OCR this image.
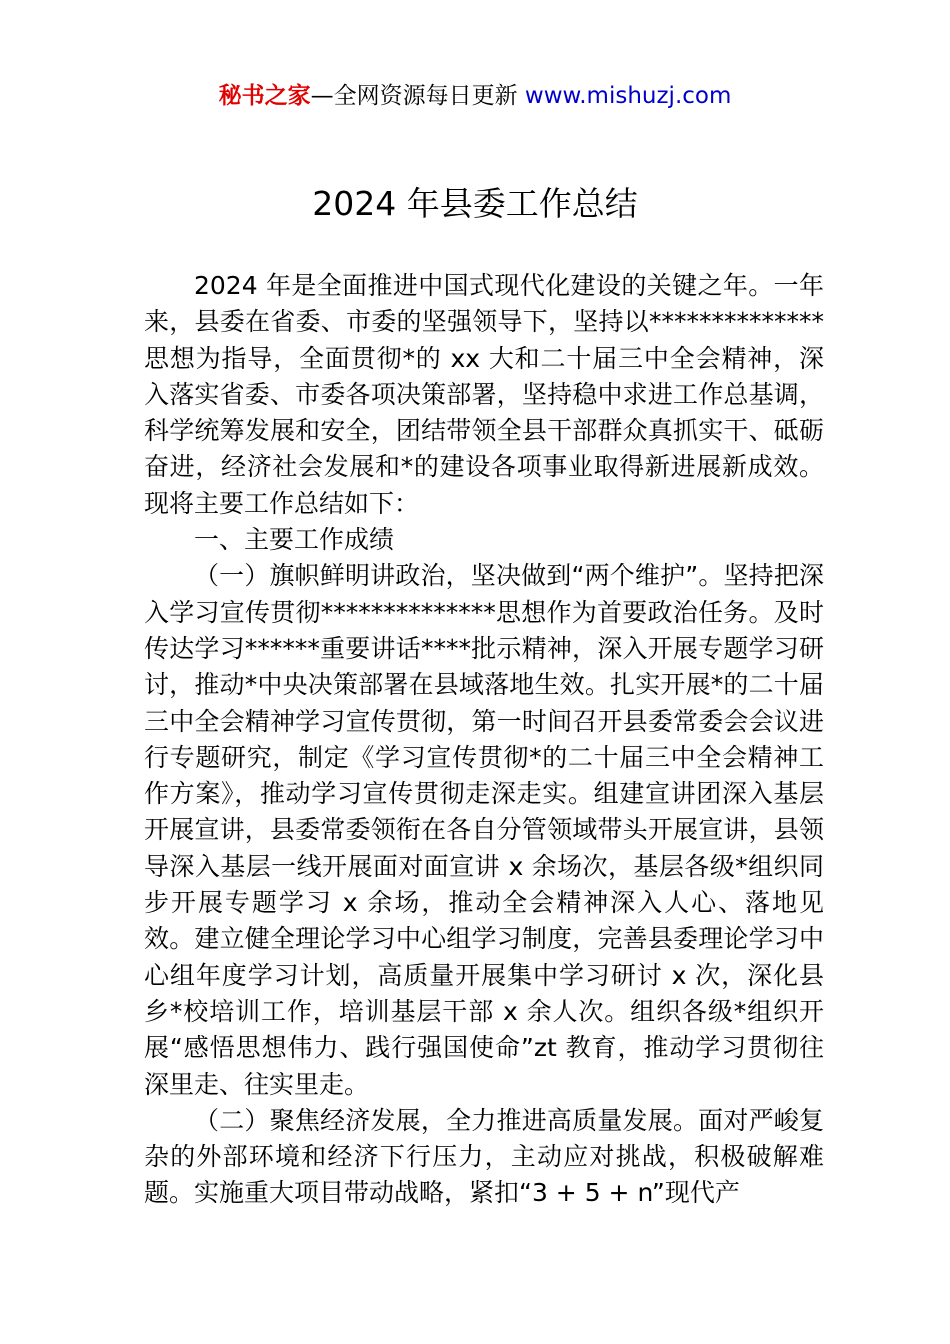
秘书之家—全网资源每日更新 www.mishuzj.com
2024 年县委工作总结

2024 年是全面推进中国式现代化建设的关键之年。一年来，县委在省委、市委的坚强领导下，坚持以**************思想为指导，全面贯彻*的 xx 大和二十届三中全会精神，深入落实省委、市委各项决策部署，坚持稳中求进工作总基调，科学统筹发展和安全，团结带领全县干部群众真抓实干、砥砺奋进，经济社会发展和*的建设各项事业取得新进展新成效。现将主要工作总结如下：

一、主要工作成绩

（一）旗帜鲜明讲政治，坚决做到“两个维护”。坚持把深入学习宣传贯彻**************思想作为首要政治任务。及时传达学习******重要讲话****批示精神，深入开展专题学习研讨，推动*中央决策部署在县域落地生效。扎实开展*的二十届三中全会精神学习宣传贯彻，第一时间召开县委常委会会议进行专题研究，制定《学习宣传贯彻*的二十届三中全会精神工作方案》，推动学习宣传贯彻走深走实。组建宣讲团深入基层开展宣讲，县委常委领衔在各自分管领域带头开展宣讲，县领导深入基层一线开展面对面宣讲 x 余场次，基层各级*组织同步开展专题学习 x 余场，推动全会精神深入人心、落地见效。建立健全理论学习中心组学习制度，完善县委理论学习中心组年度学习计划，高质量开展集中学习研讨 x 次，深化县乡*校培训工作，培训基层干部 x 余人次。组织各级*组织开展“感悟思想伟力、践行强国使命”zt 教育，推动学习贯彻往深里走、往实里走。

（二）聚焦经济发展，全力推进高质量发展。面对严峻复杂的外部环境和经济下行压力，主动应对挑战，积极破解难题。实施重大项目带动战略，紧扣“3 + 5 + n”现代产
